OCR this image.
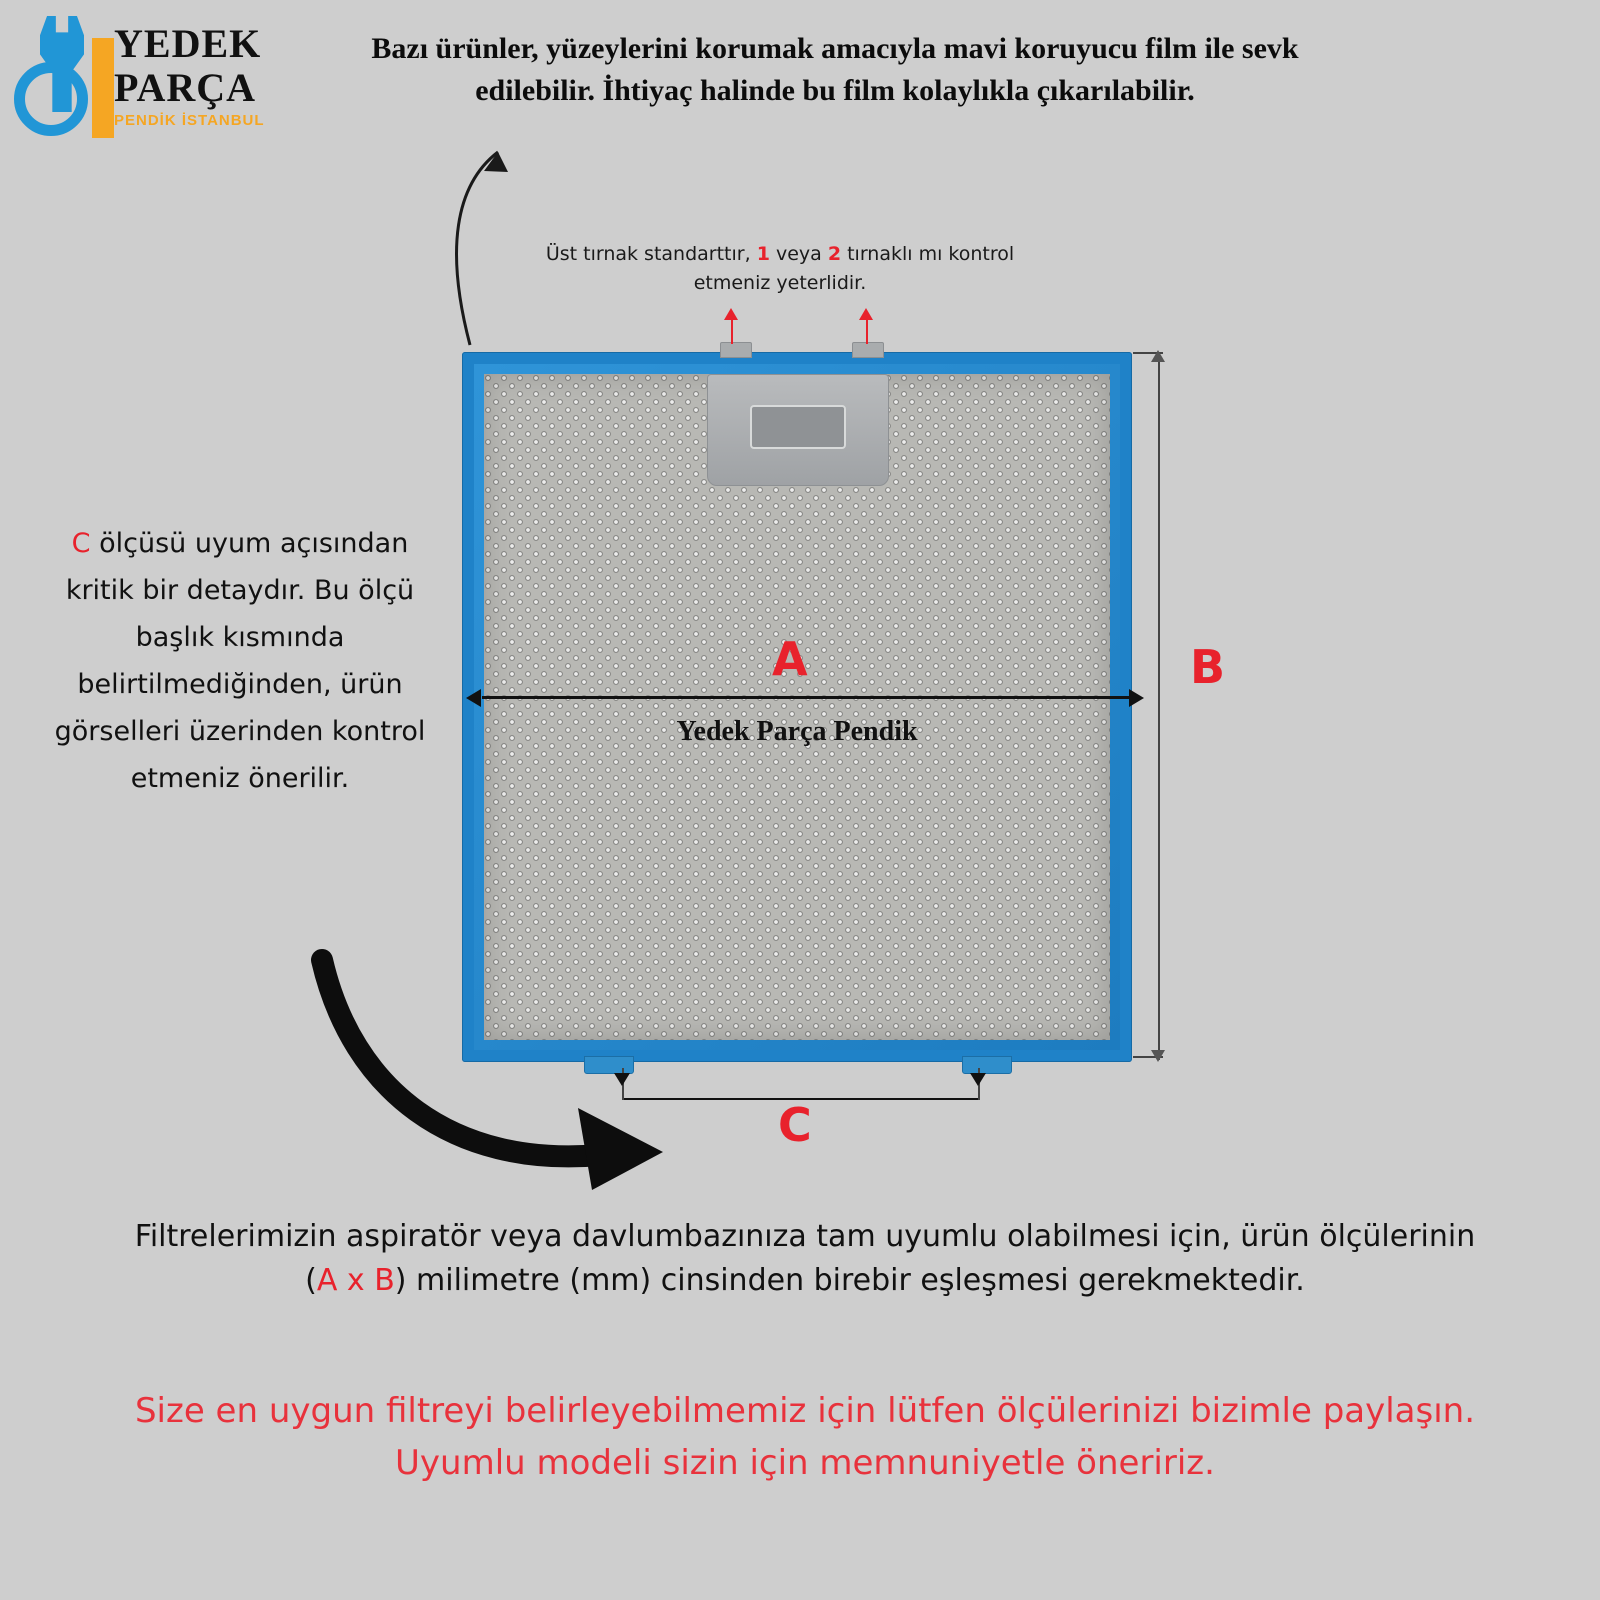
YEDEK
PARÇA
PENDİK İSTANBUL
Bazı ürünler, yüzeylerini korumak amacıyla mavi koruyucu film ile sevk edilebilir. İhtiyaç halinde bu film kolaylıkla çıkarılabilir.
Üst tırnak standarttır, 1 veya 2 tırnaklı mı kontrol etmeniz yeterlidir.
C ölçüsü uyum açısından kritik bir detaydır. Bu ölçü başlık kısmında belirtilmediğinden, ürün görselleri üzerinden kontrol etmeniz önerilir.
Yedek Parça Pendik
A	B
C
Filtrelerimizin aspiratör veya davlumbazınıza tam uyumlu olabilmesi için, ürün ölçülerinin (A x B) milimetre (mm) cinsinden birebir eşleşmesi gerekmektedir.
Size en uygun filtreyi belirleyebilmemiz için lütfen ölçülerinizi bizimle paylaşın. Uyumlu modeli sizin için memnuniyetle öneririz.
